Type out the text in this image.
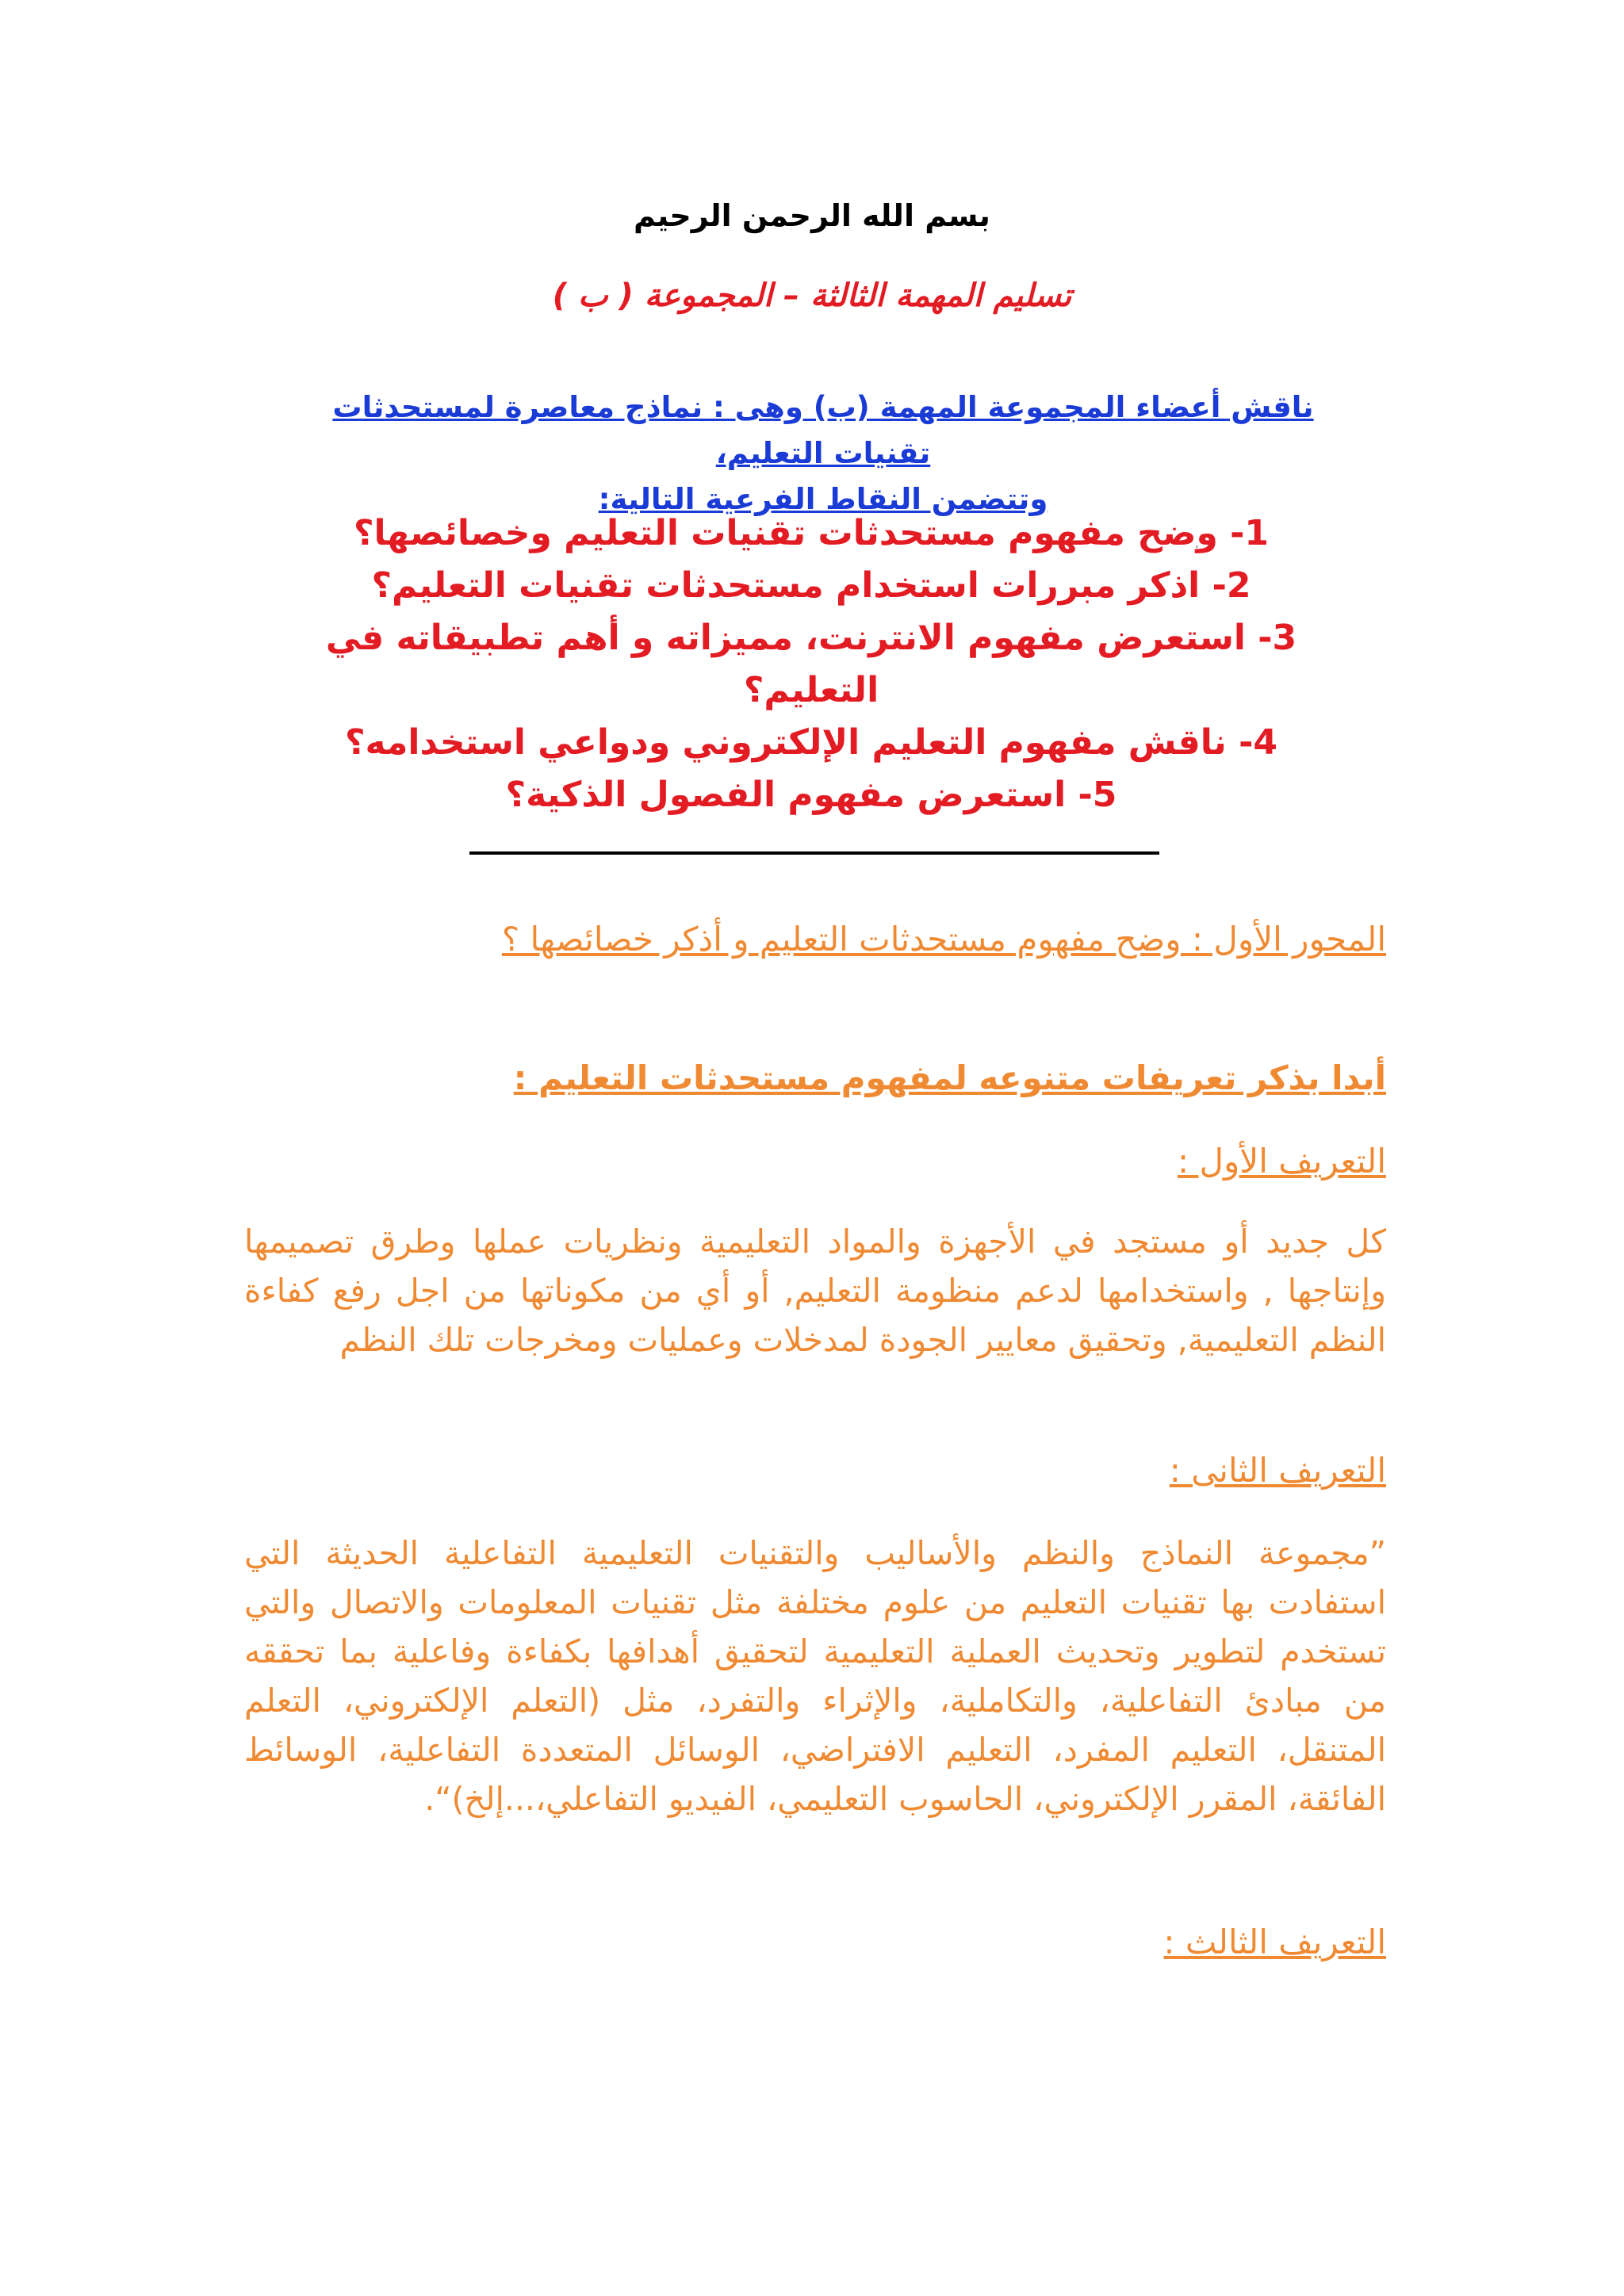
بسم الله الرحمن الرحيم
تسليم المهمة الثالثة – المجموعة ( ب )
ناقش أعضاء المجموعة المهمة (ب) وهى : نماذج معاصرة لمستحدثات تقنيات التعليم،
وتتضمن النقاط الفرعية التالية:
1- وضح مفهوم مستحدثات تقنيات التعليم وخصائصها؟
2- اذكر مبررات استخدام مستحدثات تقنيات التعليم؟
3- استعرض مفهوم الانترنت، مميزاته و أهم تطبيقاته في التعليم؟
4- ناقش مفهوم التعليم الإلكتروني ودواعي استخدامه؟
5- استعرض مفهوم الفصول الذكية؟
المحور الأول : وضح مفهوم مستحدثات التعليم و أذكر خصائصها ؟
أبدا بذكر تعريفات متنوعه لمفهوم مستحدثات التعليم :
التعريف الأول :
كل جديد أو مستجد في الأجهزة والمواد التعليمية ونظريات عملها وطرق تصميمها وإنتاجها , واستخدامها لدعم منظومة التعليم, أو أي من مكوناتها من اجل رفع كفاءة النظم التعليمية, وتحقيق معايير الجودة لمدخلات وعمليات ومخرجات تلك النظم
التعريف الثانى :
”مجموعة النماذج والنظم والأساليب والتقنيات التعليمية التفاعلية الحديثة التي استفادت بها تقنيات التعليم من علوم مختلفة مثل تقنيات المعلومات والاتصال والتي تستخدم لتطوير وتحديث العملية التعليمية لتحقيق أهدافها بكفاءة وفاعلية بما تحققه من مبادئ التفاعلية، والتكاملية، والإثراء والتفرد، مثل (التعلم الإلكتروني، التعلم المتنقل، التعليم المفرد، التعليم الافتراضي، الوسائل المتعددة التفاعلية، الوسائط الفائقة، المقرر الإلكتروني، الحاسوب التعليمي، الفيديو التفاعلي،...إلخ)“.
التعريف الثالث :
